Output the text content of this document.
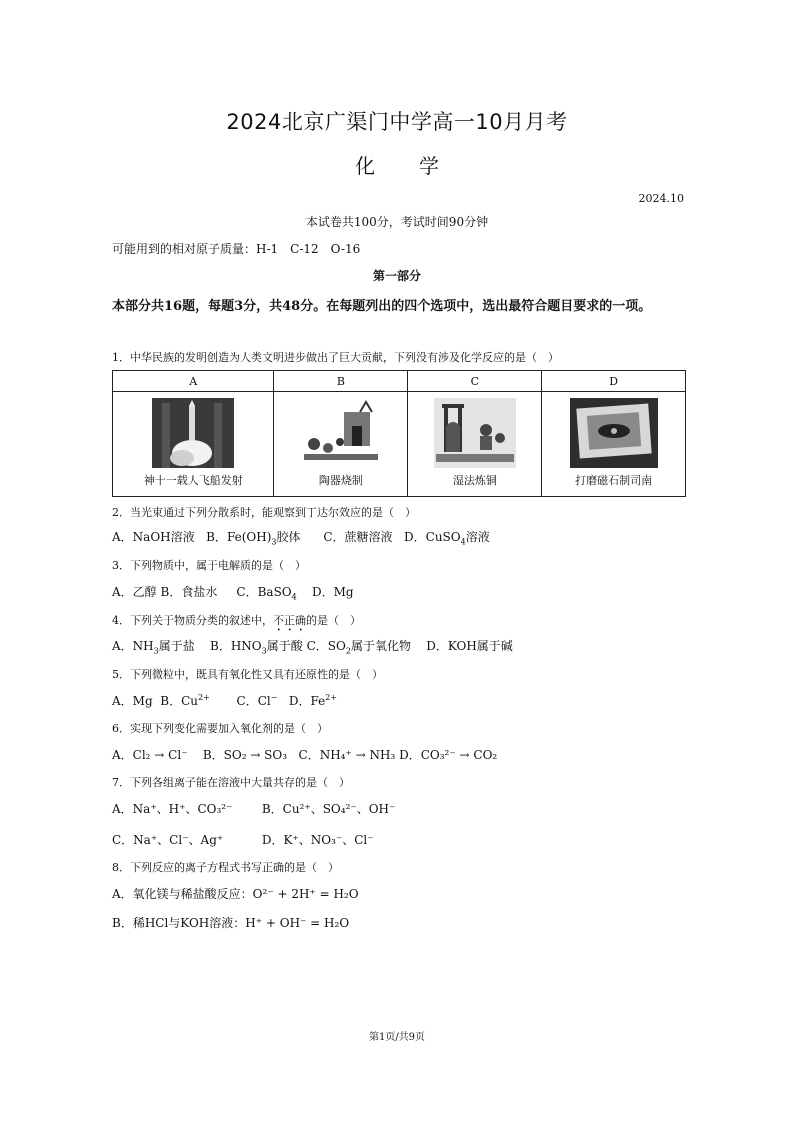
2024北京广渠门中学高一10月月考
化 学
2024.10
本试卷共100分，考试时间90分钟
可能用到的相对原子质量：H-1　C-12　O-16
第一部分
本部分共16题，每题3分，共48分。在每题列出的四个选项中，选出最符合题目要求的一项。
1．中华民族的发明创造为人类文明进步做出了巨大贡献，下列没有涉及化学反应的是（　）
A	B	C	D

神十一载人飞船发射	陶器烧制	湿法炼铜	打磨磁石制司南
2．当光束通过下列分散系时，能观察到丁达尔效应的是（　）
A．NaOH溶液 B．$Fe(OH)_3$胶体 C．蔗糖溶液 D．CuSO$_4$溶液
3．下列物质中，属于电解质的是（　）
A．乙醇 B．食盐水 C．BaSO$_4$ D．Mg
4．下列关于物质分类的叙述中，不正确的是（　）
A．$NH_3$属于盐 B．$HNO_3$属于酸 C．$SO_2$属于氧化物 D．KOH属于碱
5．下列微粒中，既具有氧化性又具有还原性的是（　）
A．Mg B．$Cu^{2+}$ C．Cl− D．$Fe^{2+}$
6．实现下列变化需要加入氧化剂的是（　）
A．Cl₂ → Cl⁻ B．SO₂ → SO₃ C．NH₄⁺ → NH₃ D．CO₃²⁻ → CO₂
7．下列各组离子能在溶液中大量共存的是（　）
A．Na⁺、H⁺、CO₃²⁻ B．Cu²⁺、SO₄²⁻、OH⁻
C．Na⁺、Cl⁻、Ag⁺	D．K⁺、NO₃⁻、Cl⁻
8．下列反应的离子方程式书写正确的是（　）
A．氧化镁与稀盐酸反应：O²⁻ + 2H⁺ = H₂O
B．稀HCl与KOH溶液：H⁺ + OH⁻ = H₂O
第1页/共9页
